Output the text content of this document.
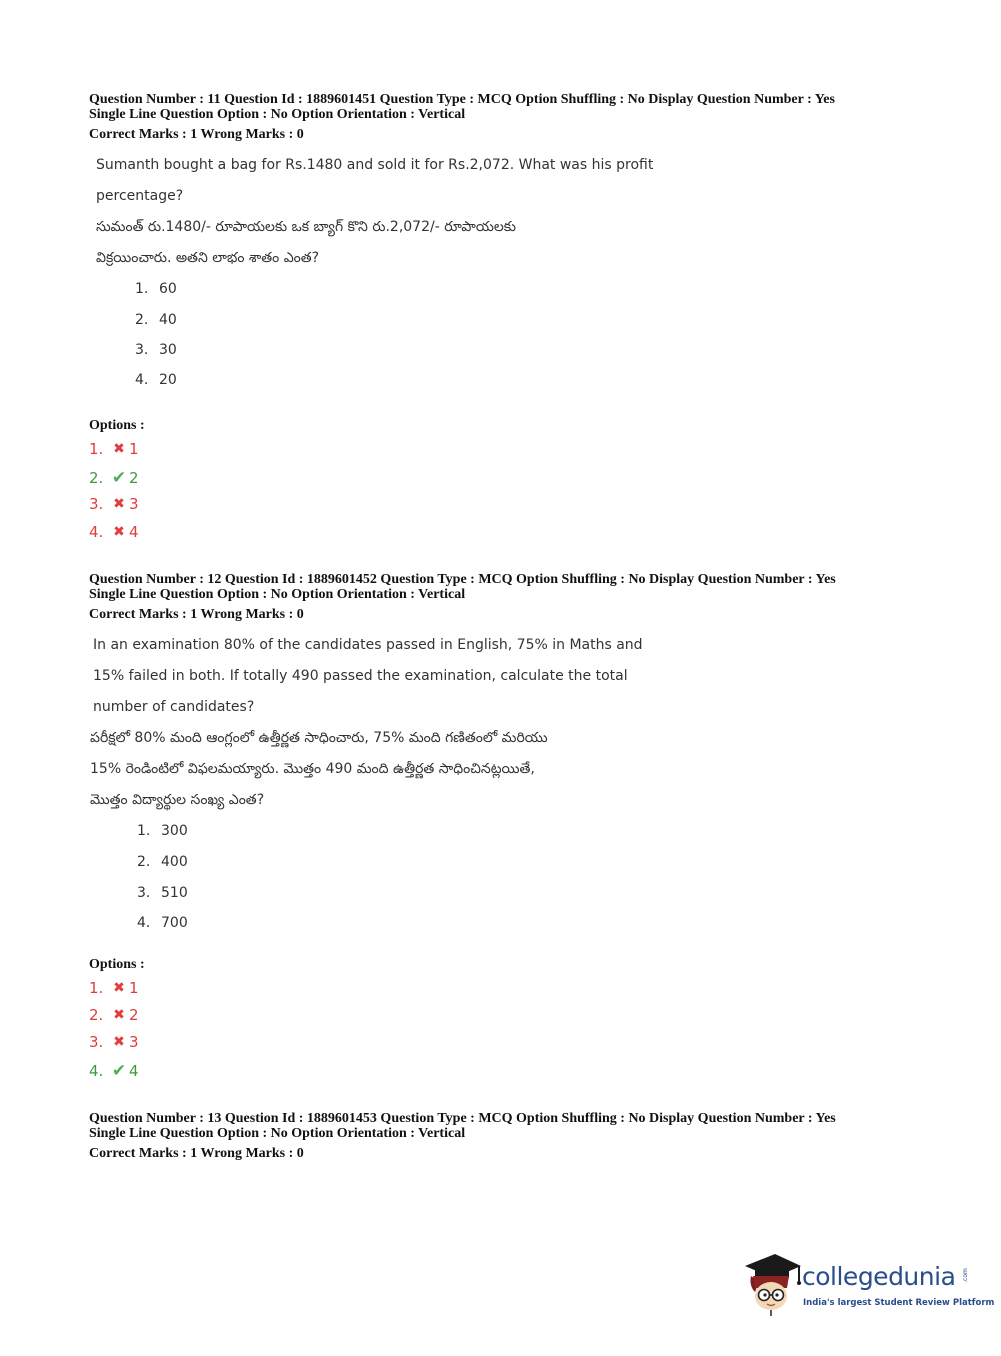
Question Number : 11 Question Id : 1889601451 Question Type : MCQ Option Shuffling : No Display Question Number : Yes
Single Line Question Option : No Option Orientation : Vertical
Correct Marks : 1 Wrong Marks : 0
Sumanth bought a bag for Rs.1480 and sold it for Rs.2,072. What was his profit
percentage?
సుమంత్ రు.1480/- రూపాయలకు ఒక బ్యాగ్ కొని రు.2,072/- రూపాయలకు
విక్రయించారు. అతని లాభం శాతం ఎంత?
1. 60
2. 40
3. 30
4. 20
Options :
1. ✖ 1
2. ✔ 2
3. ✖ 3
4. ✖ 4
Question Number : 12 Question Id : 1889601452 Question Type : MCQ Option Shuffling : No Display Question Number : Yes
Single Line Question Option : No Option Orientation : Vertical
Correct Marks : 1 Wrong Marks : 0
In an examination 80% of the candidates passed in English, 75% in Maths and
15% failed in both. If totally 490 passed the examination, calculate the total
number of candidates?
పరీక్షలో 80% మంది ఆంగ్లంలో ఉత్తీర్ణత సాధించారు, 75% మంది గణితంలో మరియు
15% రెండింటిలో విఫలమయ్యారు. మొత్తం 490 మంది ఉత్తీర్ణత సాధించినట్లయితే,
మొత్తం విద్యార్థుల సంఖ్య ఎంత?
1. 300
2. 400
3. 510
4. 700
Options :
1. ✖ 1
2. ✖ 2
3. ✖ 3
4. ✔ 4
Question Number : 13 Question Id : 1889601453 Question Type : MCQ Option Shuffling : No Display Question Number : Yes
Single Line Question Option : No Option Orientation : Vertical
Correct Marks : 1 Wrong Marks : 0
collegedunia .com
India's largest Student Review Platform
